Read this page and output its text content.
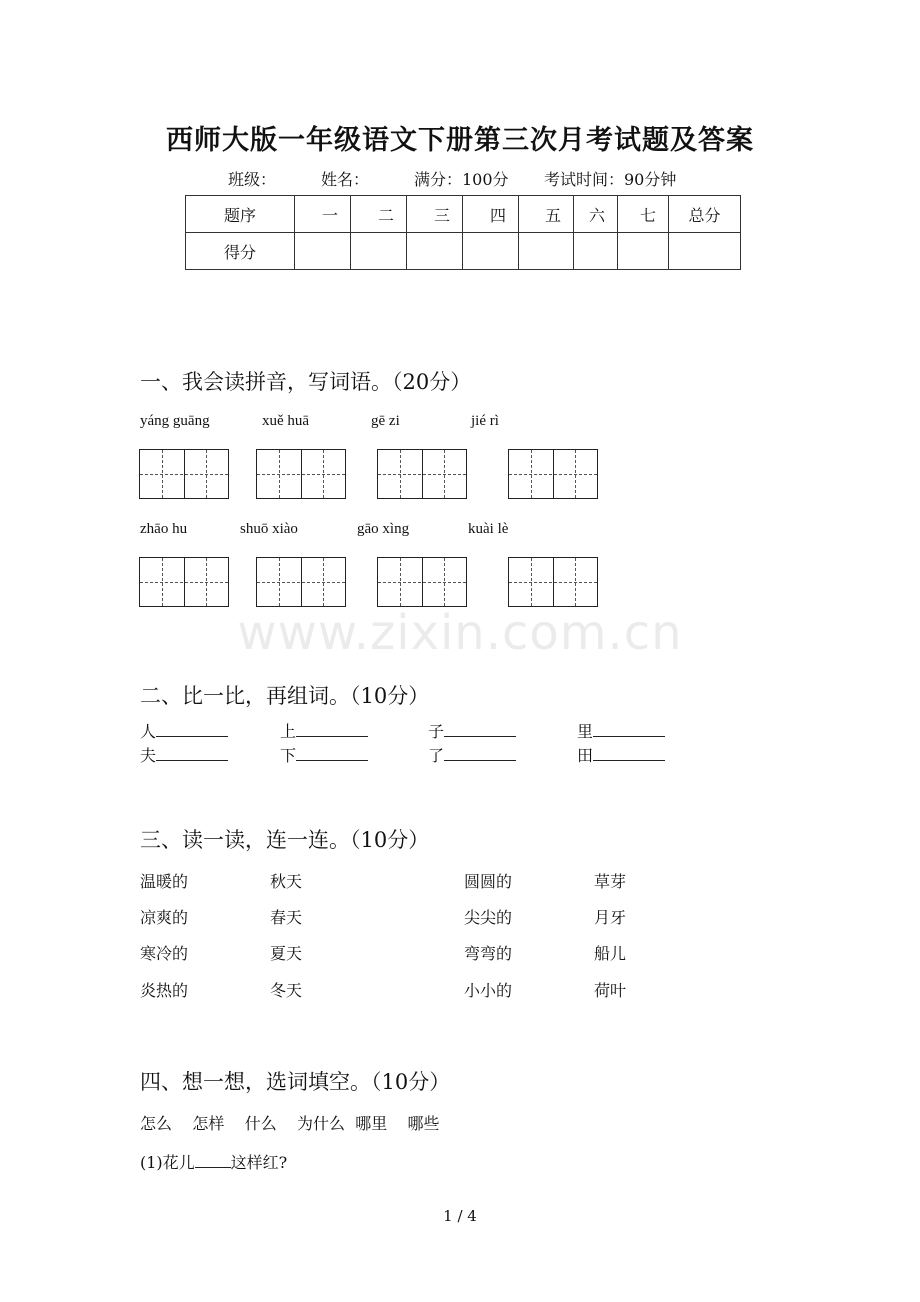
西师大版一年级语文下册第三次月考试题及答案
班级：	姓名：	满分：100分 考试时间：90分钟
题序	一	二	三	四	五	六	七	总分
得分								
一、我会读拼音，写词语。（20分）
yáng guāng	xuě huā	gē zi	jié rì
zhāo hu	shuō xiào	gāo xìng	kuài lè
www.zixin.com.cn
二、比一比，再组词。（10分）
人	上	子	里
夫	下	了	田
三、读一读，连一连。（10分）
温暖的	秋天	圆圆的	草芽
凉爽的	春天	尖尖的	月牙
寒冷的	夏天	弯弯的	船儿
炎热的	冬天	小小的	荷叶
四、想一想，选词填空。（10分）
怎么    怎样    什么    为什么  哪里    哪些
(1)花儿 这样红?
1 / 4
